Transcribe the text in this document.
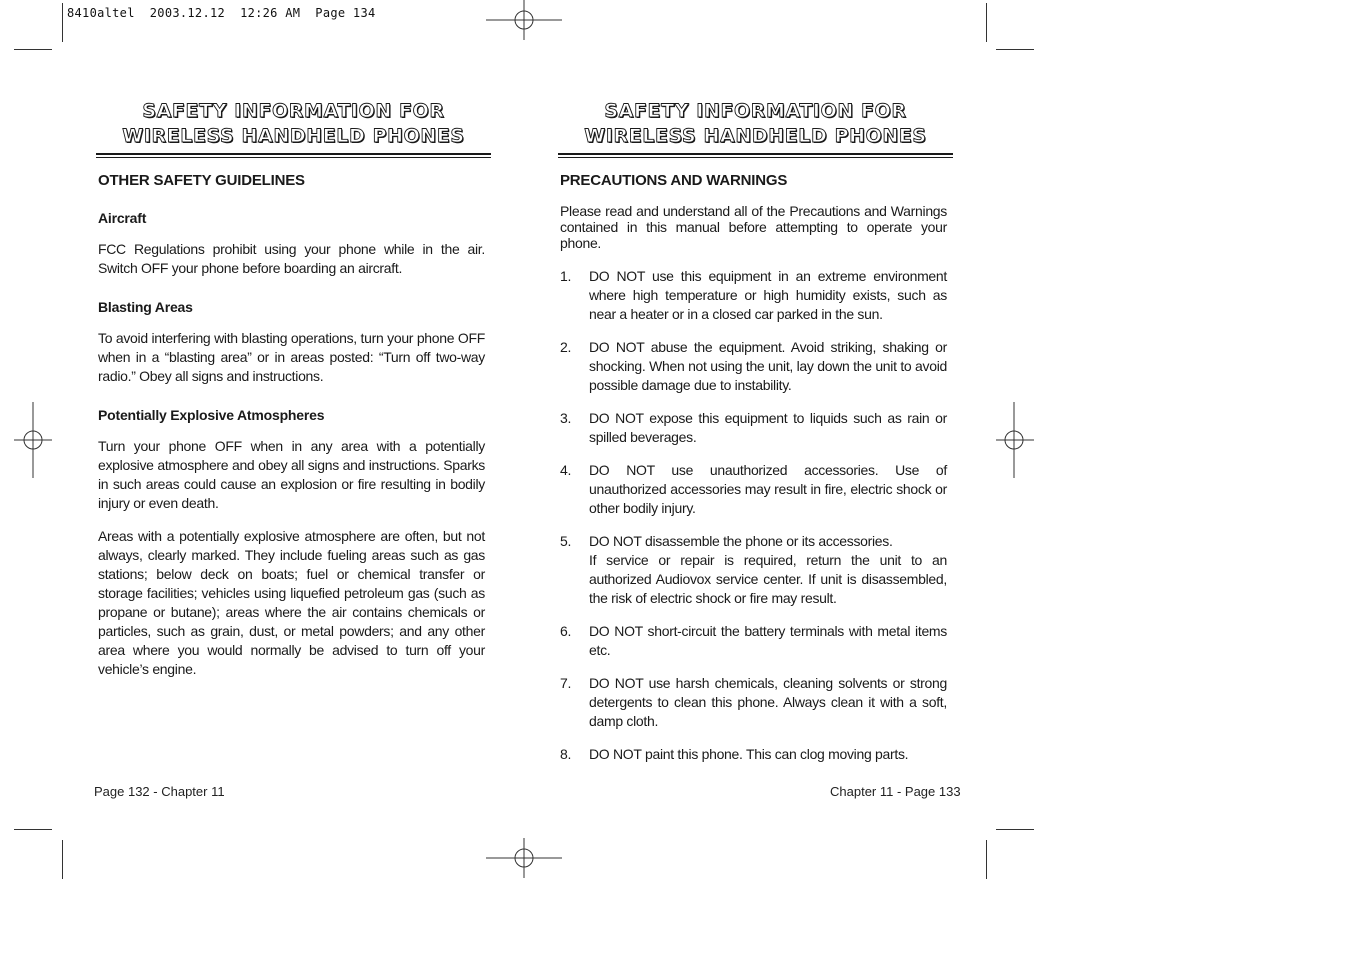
8410altel  2003.12.12  12:26 AM  Page 134
SAFETY INFORMATION FOR
WIRELESS HANDHELD PHONES
OTHER SAFETY GUIDELINES
Aircraft
FCC Regulations prohibit using your phone while in the air. Switch OFF your phone before boarding an aircraft.
Blasting Areas
To avoid interfering with blasting operations, turn your phone OFF when in a “blasting area” or in areas posted: “Turn off two-way radio.” Obey all signs and instructions.
Potentially Explosive Atmospheres
Turn your phone OFF when in any area with a potentially explosive atmosphere and obey all signs and instructions. Sparks in such areas could cause an explosion or fire resulting in bodily injury or even death.
Areas with a potentially explosive atmosphere are often, but not always, clearly marked. They include fueling areas such as gas stations; below deck on boats; fuel or chemical transfer or storage facilities; vehicles using liquefied petroleum gas (such as propane or butane); areas where the air contains chemicals or particles, such as grain, dust, or metal powders; and any other area where you would normally be advised to turn off your vehicle’s engine.
Page 132 - Chapter 11
SAFETY INFORMATION FOR
WIRELESS HANDHELD PHONES
PRECAUTIONS AND WARNINGS
Please read and understand all of the Precautions and Warnings contained in this manual before attempting to operate your phone.
1.	DO NOT use this equipment in an extreme environment where high temperature or high humidity exists, such as near a heater or in a closed car parked in the sun.
2.	DO NOT abuse the equipment. Avoid striking, shaking or shocking. When not using the unit, lay down the unit to avoid possible damage due to instability.
3.	DO NOT expose this equipment to liquids such as rain or spilled beverages.
4.	DO NOT use unauthorized accessories. Use of unauthorized accessories may result in fire, electric shock or other bodily injury.
5.	DO NOT disassemble the phone or its accessories.
If service or repair is required, return the unit to an authorized Audiovox service center. If unit is disassembled, the risk of electric shock or fire may result.
6.	DO NOT short-circuit the battery terminals with metal items etc.
7.	DO NOT use harsh chemicals, cleaning solvents or strong detergents to clean this phone. Always clean it with a soft, damp cloth.
8.	DO NOT paint this phone. This can clog moving parts.
Chapter 11 - Page 133
